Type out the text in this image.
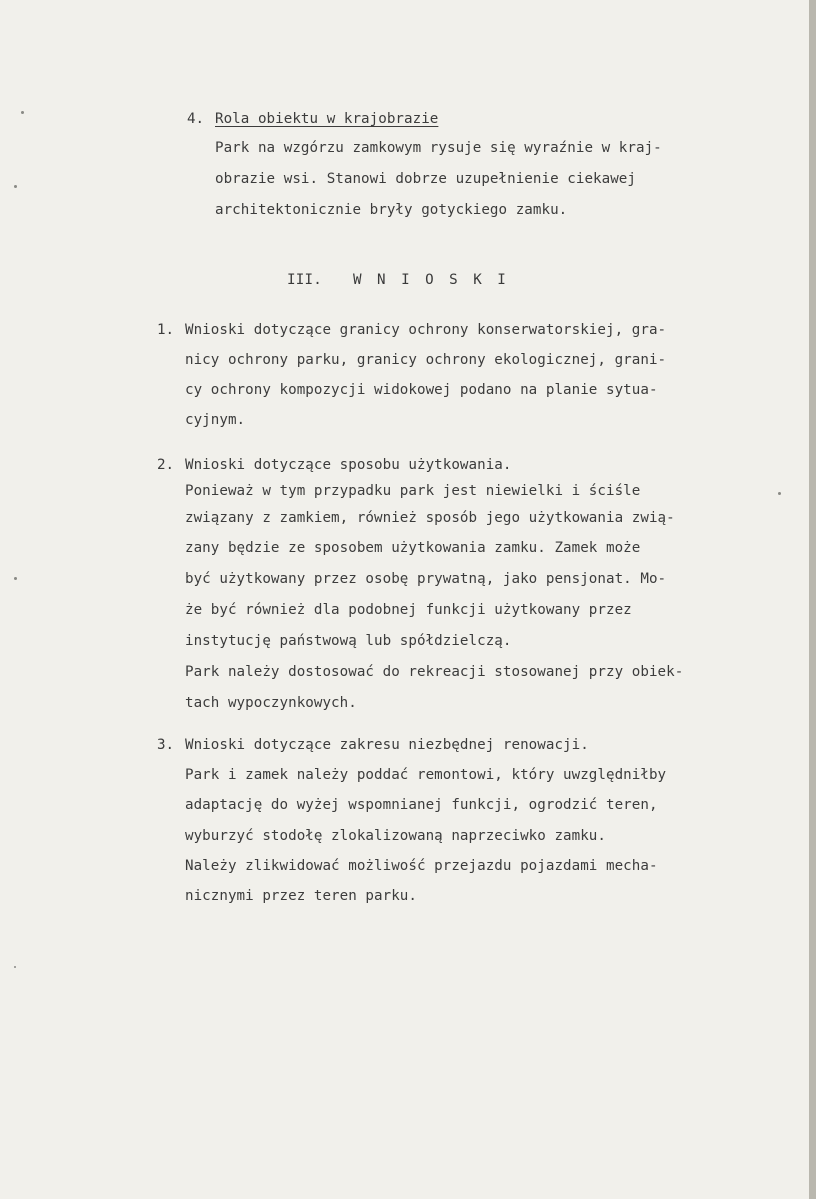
4. Rola obiektu w krajobrazie
Park na wzgórzu zamkowym rysuje się wyraźnie w kraj-
obrazie wsi. Stanowi dobrze uzupełnienie ciekawej
architektonicznie bryły gotyckiego zamku.
III. WNIOSKI
1. Wnioski dotyczące granicy ochrony konserwatorskiej, gra-
nicy ochrony parku, granicy ochrony ekologicznej, grani-
cy ochrony kompozycji widokowej podano na planie sytua-
cyjnym.
2. Wnioski dotyczące sposobu użytkowania.
Ponieważ w tym przypadku park jest niewielki i ściśle
związany z zamkiem, również sposób jego użytkowania zwią-
zany będzie ze sposobem użytkowania zamku. Zamek może
być użytkowany przez osobę prywatną, jako pensjonat. Mo-
że być również dla podobnej funkcji użytkowany przez
instytucję państwową lub spółdzielczą.
Park należy dostosować do rekreacji stosowanej przy obiek-
tach wypoczynkowych.
3. Wnioski dotyczące zakresu niezbędnej renowacji.
Park i zamek należy poddać remontowi, który uwzględniłby
adaptację do wyżej wspomnianej funkcji, ogrodzić teren,
wyburzyć stodołę zlokalizowaną naprzeciwko zamku.
Należy zlikwidować możliwość przejazdu pojazdami mecha-
nicznymi przez teren parku.
